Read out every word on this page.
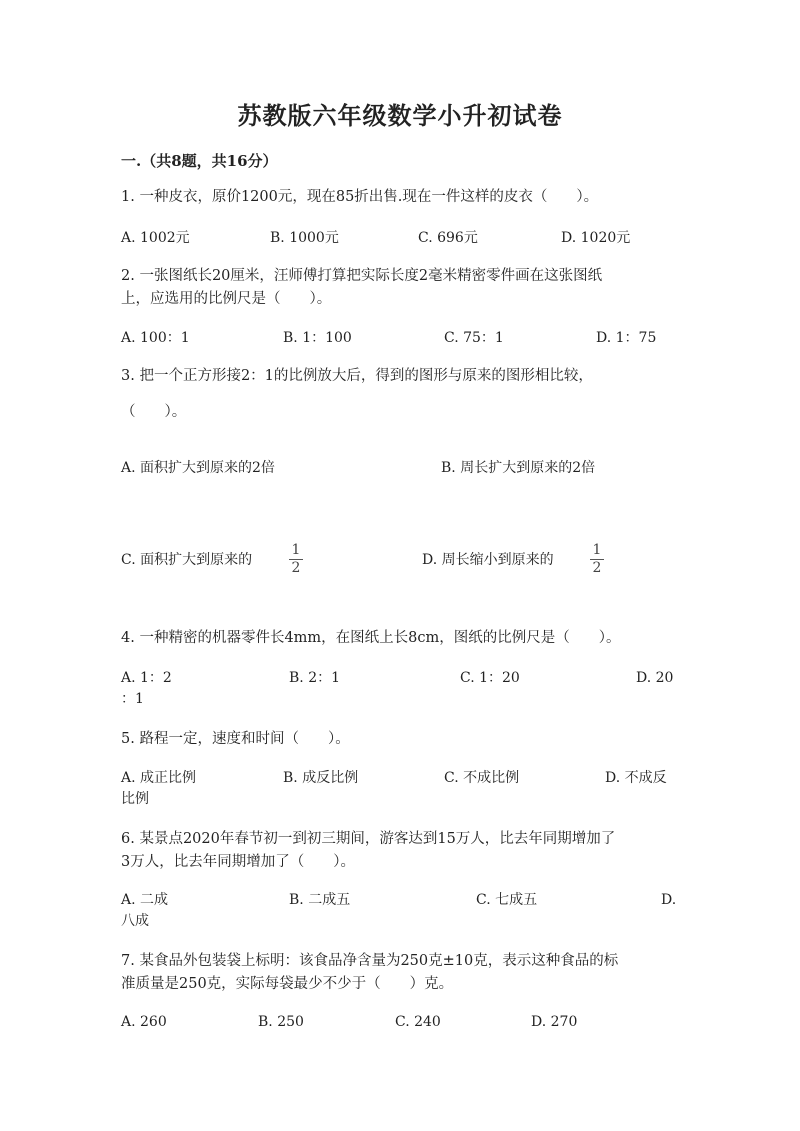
苏教版六年级数学小升初试卷
一.（共8题，共16分）
1. 一种皮衣，原价1200元，现在85折出售.现在一件这样的皮衣（　　）。
A. 1002元	B. 1000元	C. 696元	D. 1020元
2. 一张图纸长20厘米，汪师傅打算把实际长度2毫米精密零件画在这张图纸
上，应选用的比例尺是（　　）。
A. 100：1	B. 1：100	C. 75：1	D. 1：75
3. 把一个正方形接2：1的比例放大后，得到的图形与原来的图形相比较，
（　　）。
A. 面积扩大到原来的2倍	B. 周长扩大到原来的2倍
C. 面积扩大到原来的
1
2	D. 周长缩小到原来的
1
2
4. 一种精密的机器零件长4mm，在图纸上长8cm，图纸的比例尺是（　　）。
A. 1：2	B. 2：1	C. 1：20	D. 20
：1
5. 路程一定，速度和时间（　　）。
A. 成正比例	B. 成反比例	C. 不成比例	D. 不成反
比例
6. 某景点2020年春节初一到初三期间，游客达到15万人，比去年同期增加了
3万人，比去年同期增加了（　　）。
A. 二成	B. 二成五	C. 七成五	D.
八成
7. 某食品外包装袋上标明：该食品净含量为250克±10克，表示这种食品的标
准质量是250克，实际每袋最少不少于（　　）克。
A. 260	B. 250	C. 240	D. 270
